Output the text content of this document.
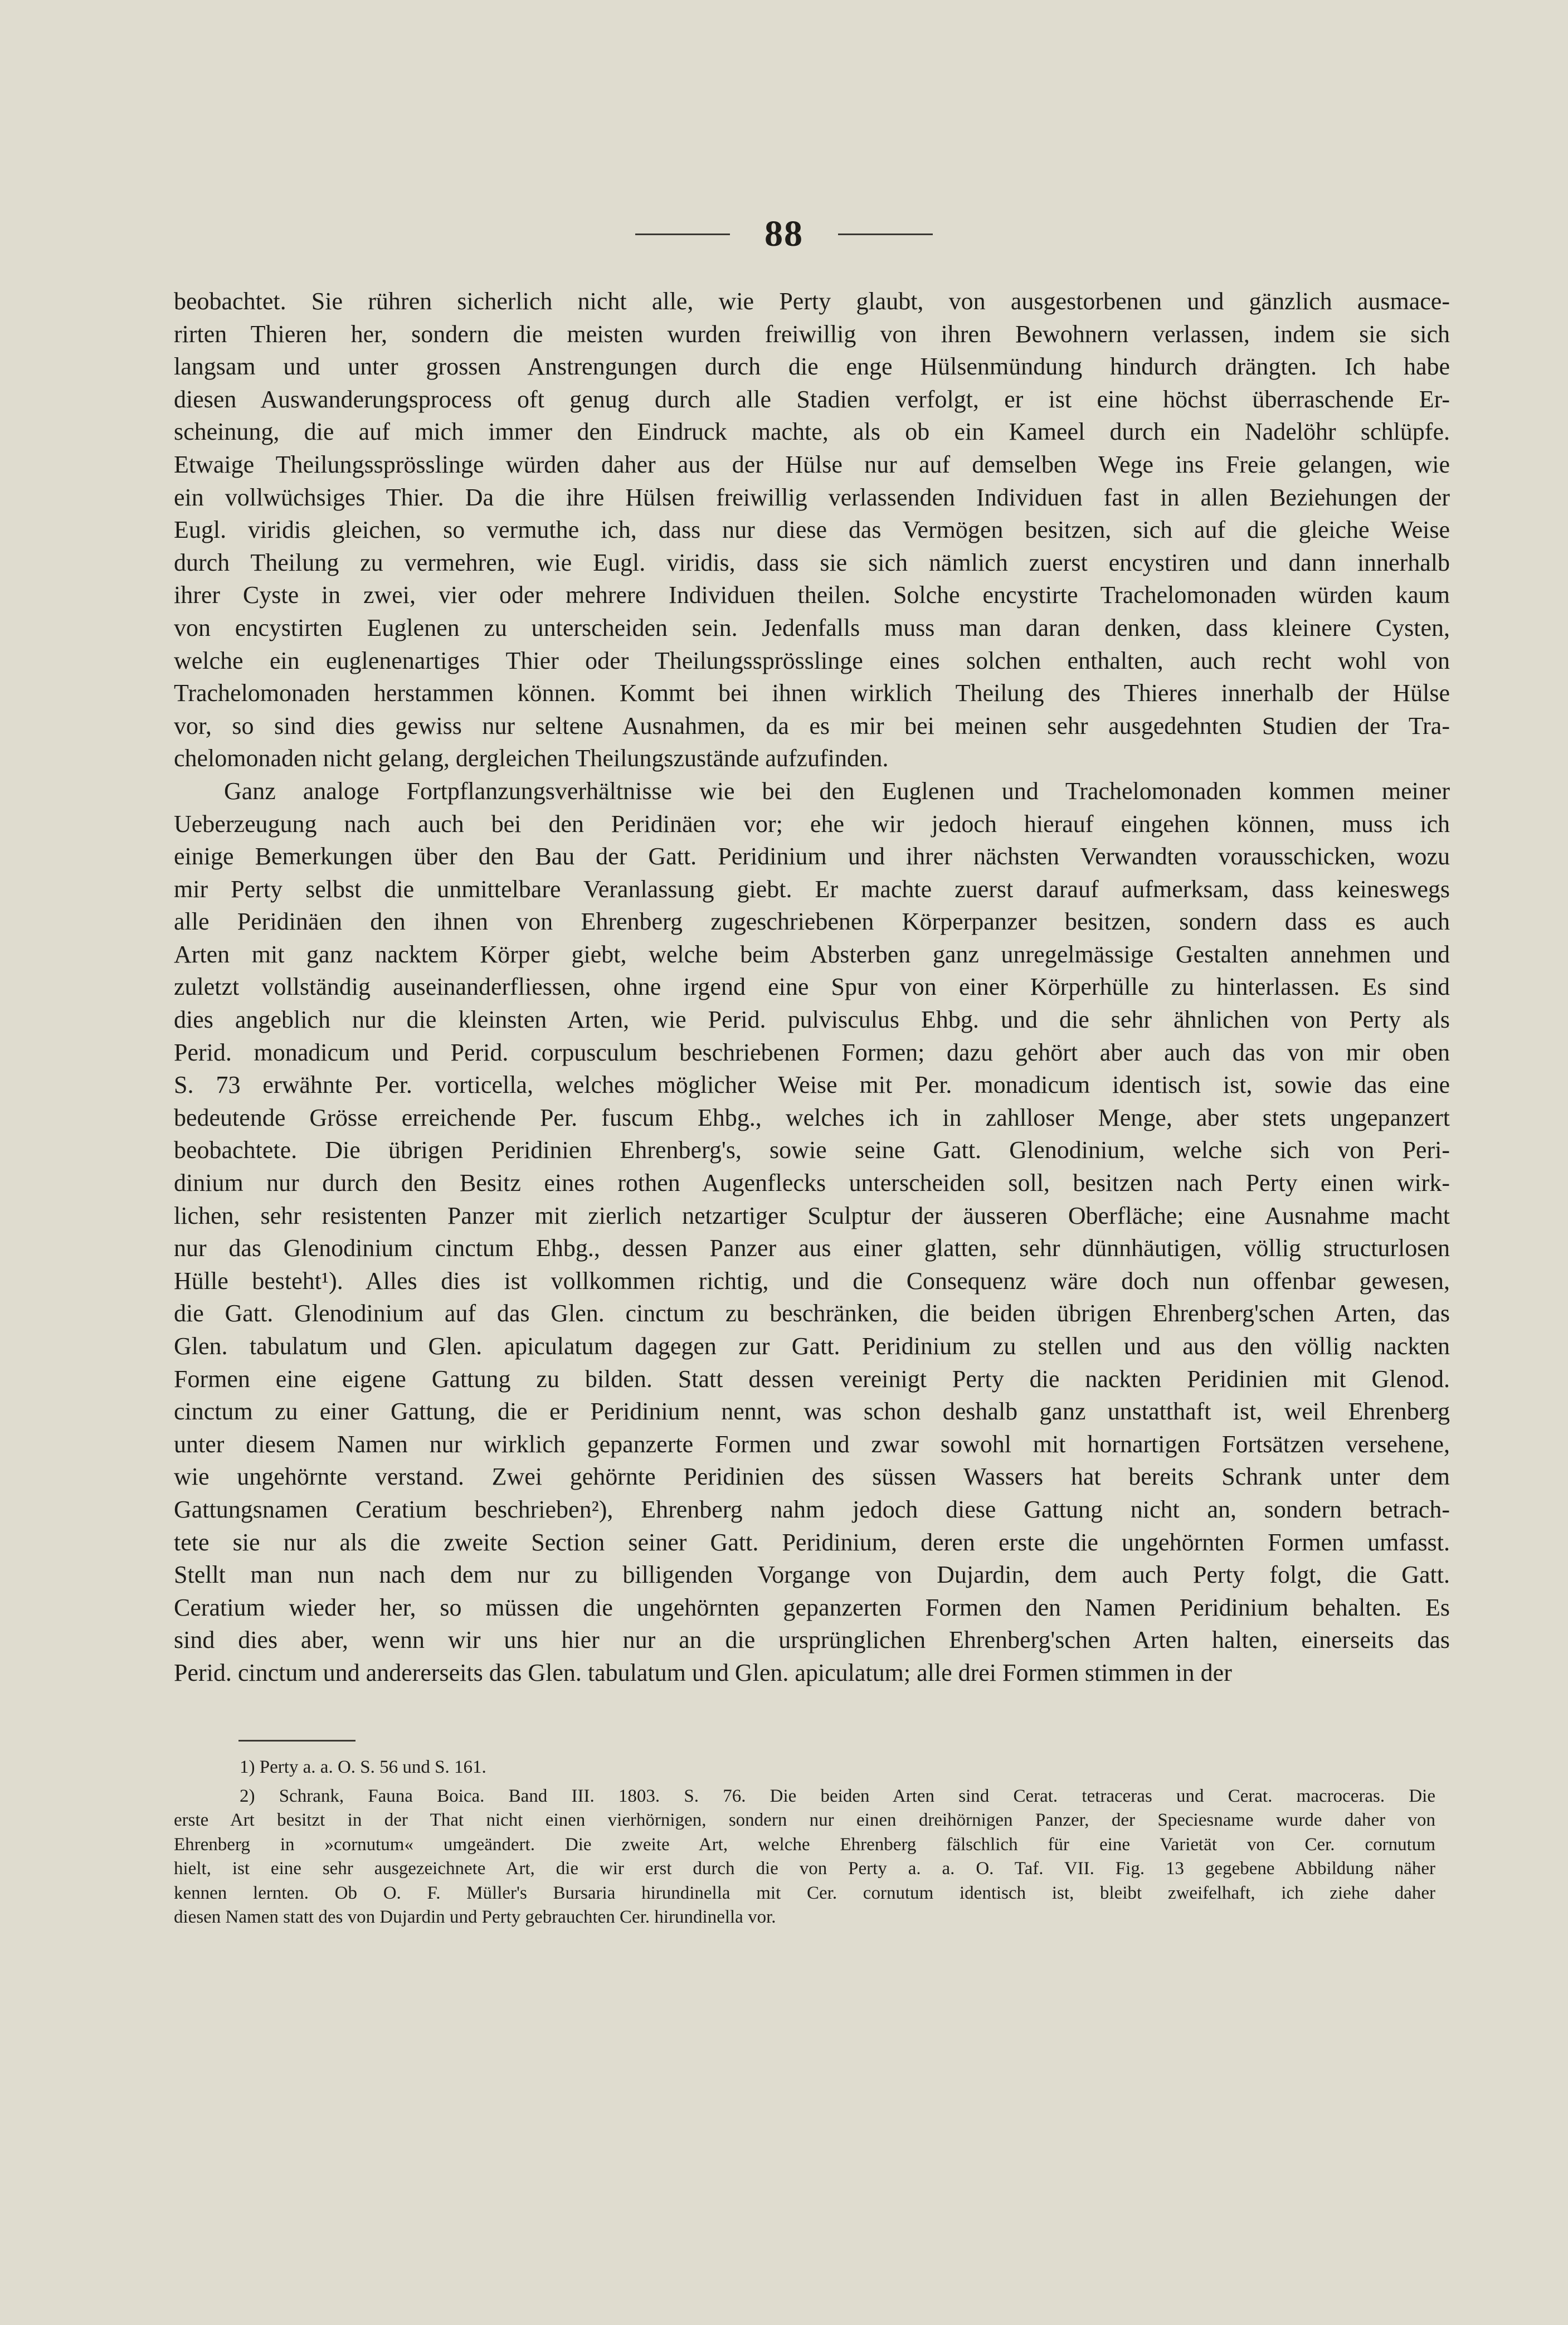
88
beobachtet. Sie rühren sicherlich nicht alle, wie Perty glaubt, von ausgestorbenen und gänzlich ausmace-
rirten Thieren her, sondern die meisten wurden freiwillig von ihren Bewohnern verlassen, indem sie sich
langsam und unter grossen Anstrengungen durch die enge Hülsenmündung hindurch drängten. Ich habe
diesen Auswanderungsprocess oft genug durch alle Stadien verfolgt, er ist eine höchst überraschende Er-
scheinung, die auf mich immer den Eindruck machte, als ob ein Kameel durch ein Nadelöhr schlüpfe.
Etwaige Theilungssprösslinge würden daher aus der Hülse nur auf demselben Wege ins Freie gelangen, wie
ein vollwüchsiges Thier. Da die ihre Hülsen freiwillig verlassenden Individuen fast in allen Beziehungen der
Eugl. viridis gleichen, so vermuthe ich, dass nur diese das Vermögen besitzen, sich auf die gleiche Weise
durch Theilung zu vermehren, wie Eugl. viridis, dass sie sich nämlich zuerst encystiren und dann innerhalb
ihrer Cyste in zwei, vier oder mehrere Individuen theilen. Solche encystirte Trachelomonaden würden kaum
von encystirten Euglenen zu unterscheiden sein. Jedenfalls muss man daran denken, dass kleinere Cysten,
welche ein euglenenartiges Thier oder Theilungssprösslinge eines solchen enthalten, auch recht wohl von
Trachelomonaden herstammen können. Kommt bei ihnen wirklich Theilung des Thieres innerhalb der Hülse
vor, so sind dies gewiss nur seltene Ausnahmen, da es mir bei meinen sehr ausgedehnten Studien der Tra-
chelomonaden nicht gelang, dergleichen Theilungszustände aufzufinden.
Ganz analoge Fortpflanzungsverhältnisse wie bei den Euglenen und Trachelomonaden kommen meiner
Ueberzeugung nach auch bei den Peridinäen vor; ehe wir jedoch hierauf eingehen können, muss ich
einige Bemerkungen über den Bau der Gatt. Peridinium und ihrer nächsten Verwandten vorausschicken, wozu
mir Perty selbst die unmittelbare Veranlassung giebt. Er machte zuerst darauf aufmerksam, dass keineswegs
alle Peridinäen den ihnen von Ehrenberg zugeschriebenen Körperpanzer besitzen, sondern dass es auch
Arten mit ganz nacktem Körper giebt, welche beim Absterben ganz unregelmässige Gestalten annehmen und
zuletzt vollständig auseinanderfliessen, ohne irgend eine Spur von einer Körperhülle zu hinterlassen. Es sind
dies angeblich nur die kleinsten Arten, wie Perid. pulvisculus Ehbg. und die sehr ähnlichen von Perty als
Perid. monadicum und Perid. corpusculum beschriebenen Formen; dazu gehört aber auch das von mir oben
S. 73 erwähnte Per. vorticella, welches möglicher Weise mit Per. monadicum identisch ist, sowie das eine
bedeutende Grösse erreichende Per. fuscum Ehbg., welches ich in zahlloser Menge, aber stets ungepanzert
beobachtete. Die übrigen Peridinien Ehrenberg's, sowie seine Gatt. Glenodinium, welche sich von Peri-
dinium nur durch den Besitz eines rothen Augenflecks unterscheiden soll, besitzen nach Perty einen wirk-
lichen, sehr resistenten Panzer mit zierlich netzartiger Sculptur der äusseren Oberfläche; eine Ausnahme macht
nur das Glenodinium cinctum Ehbg., dessen Panzer aus einer glatten, sehr dünnhäutigen, völlig structurlosen
Hülle besteht¹). Alles dies ist vollkommen richtig, und die Consequenz wäre doch nun offenbar gewesen,
die Gatt. Glenodinium auf das Glen. cinctum zu beschränken, die beiden übrigen Ehrenberg'schen Arten, das
Glen. tabulatum und Glen. apiculatum dagegen zur Gatt. Peridinium zu stellen und aus den völlig nackten
Formen eine eigene Gattung zu bilden. Statt dessen vereinigt Perty die nackten Peridinien mit Glenod.
cinctum zu einer Gattung, die er Peridinium nennt, was schon deshalb ganz unstatthaft ist, weil Ehrenberg
unter diesem Namen nur wirklich gepanzerte Formen und zwar sowohl mit hornartigen Fortsätzen versehene,
wie ungehörnte verstand. Zwei gehörnte Peridinien des süssen Wassers hat bereits Schrank unter dem
Gattungsnamen Ceratium beschrieben²), Ehrenberg nahm jedoch diese Gattung nicht an, sondern betrach-
tete sie nur als die zweite Section seiner Gatt. Peridinium, deren erste die ungehörnten Formen umfasst.
Stellt man nun nach dem nur zu billigenden Vorgange von Dujardin, dem auch Perty folgt, die Gatt.
Ceratium wieder her, so müssen die ungehörnten gepanzerten Formen den Namen Peridinium behalten. Es
sind dies aber, wenn wir uns hier nur an die ursprünglichen Ehrenberg'schen Arten halten, einerseits das
Perid. cinctum und andererseits das Glen. tabulatum und Glen. apiculatum; alle drei Formen stimmen in der
1) Perty a. a. O. S. 56 und S. 161.
2) Schrank, Fauna Boica. Band III. 1803. S. 76. Die beiden Arten sind Cerat. tetraceras und Cerat. macroceras. Die
erste Art besitzt in der That nicht einen vierhörnigen, sondern nur einen dreihörnigen Panzer, der Speciesname wurde daher von
Ehrenberg in »cornutum« umgeändert. Die zweite Art, welche Ehrenberg fälschlich für eine Varietät von Cer. cornutum
hielt, ist eine sehr ausgezeichnete Art, die wir erst durch die von Perty a. a. O. Taf. VII. Fig. 13 gegebene Abbildung näher
kennen lernten. Ob O. F. Müller's Bursaria hirundinella mit Cer. cornutum identisch ist, bleibt zweifelhaft, ich ziehe daher
diesen Namen statt des von Dujardin und Perty gebrauchten Cer. hirundinella vor.
